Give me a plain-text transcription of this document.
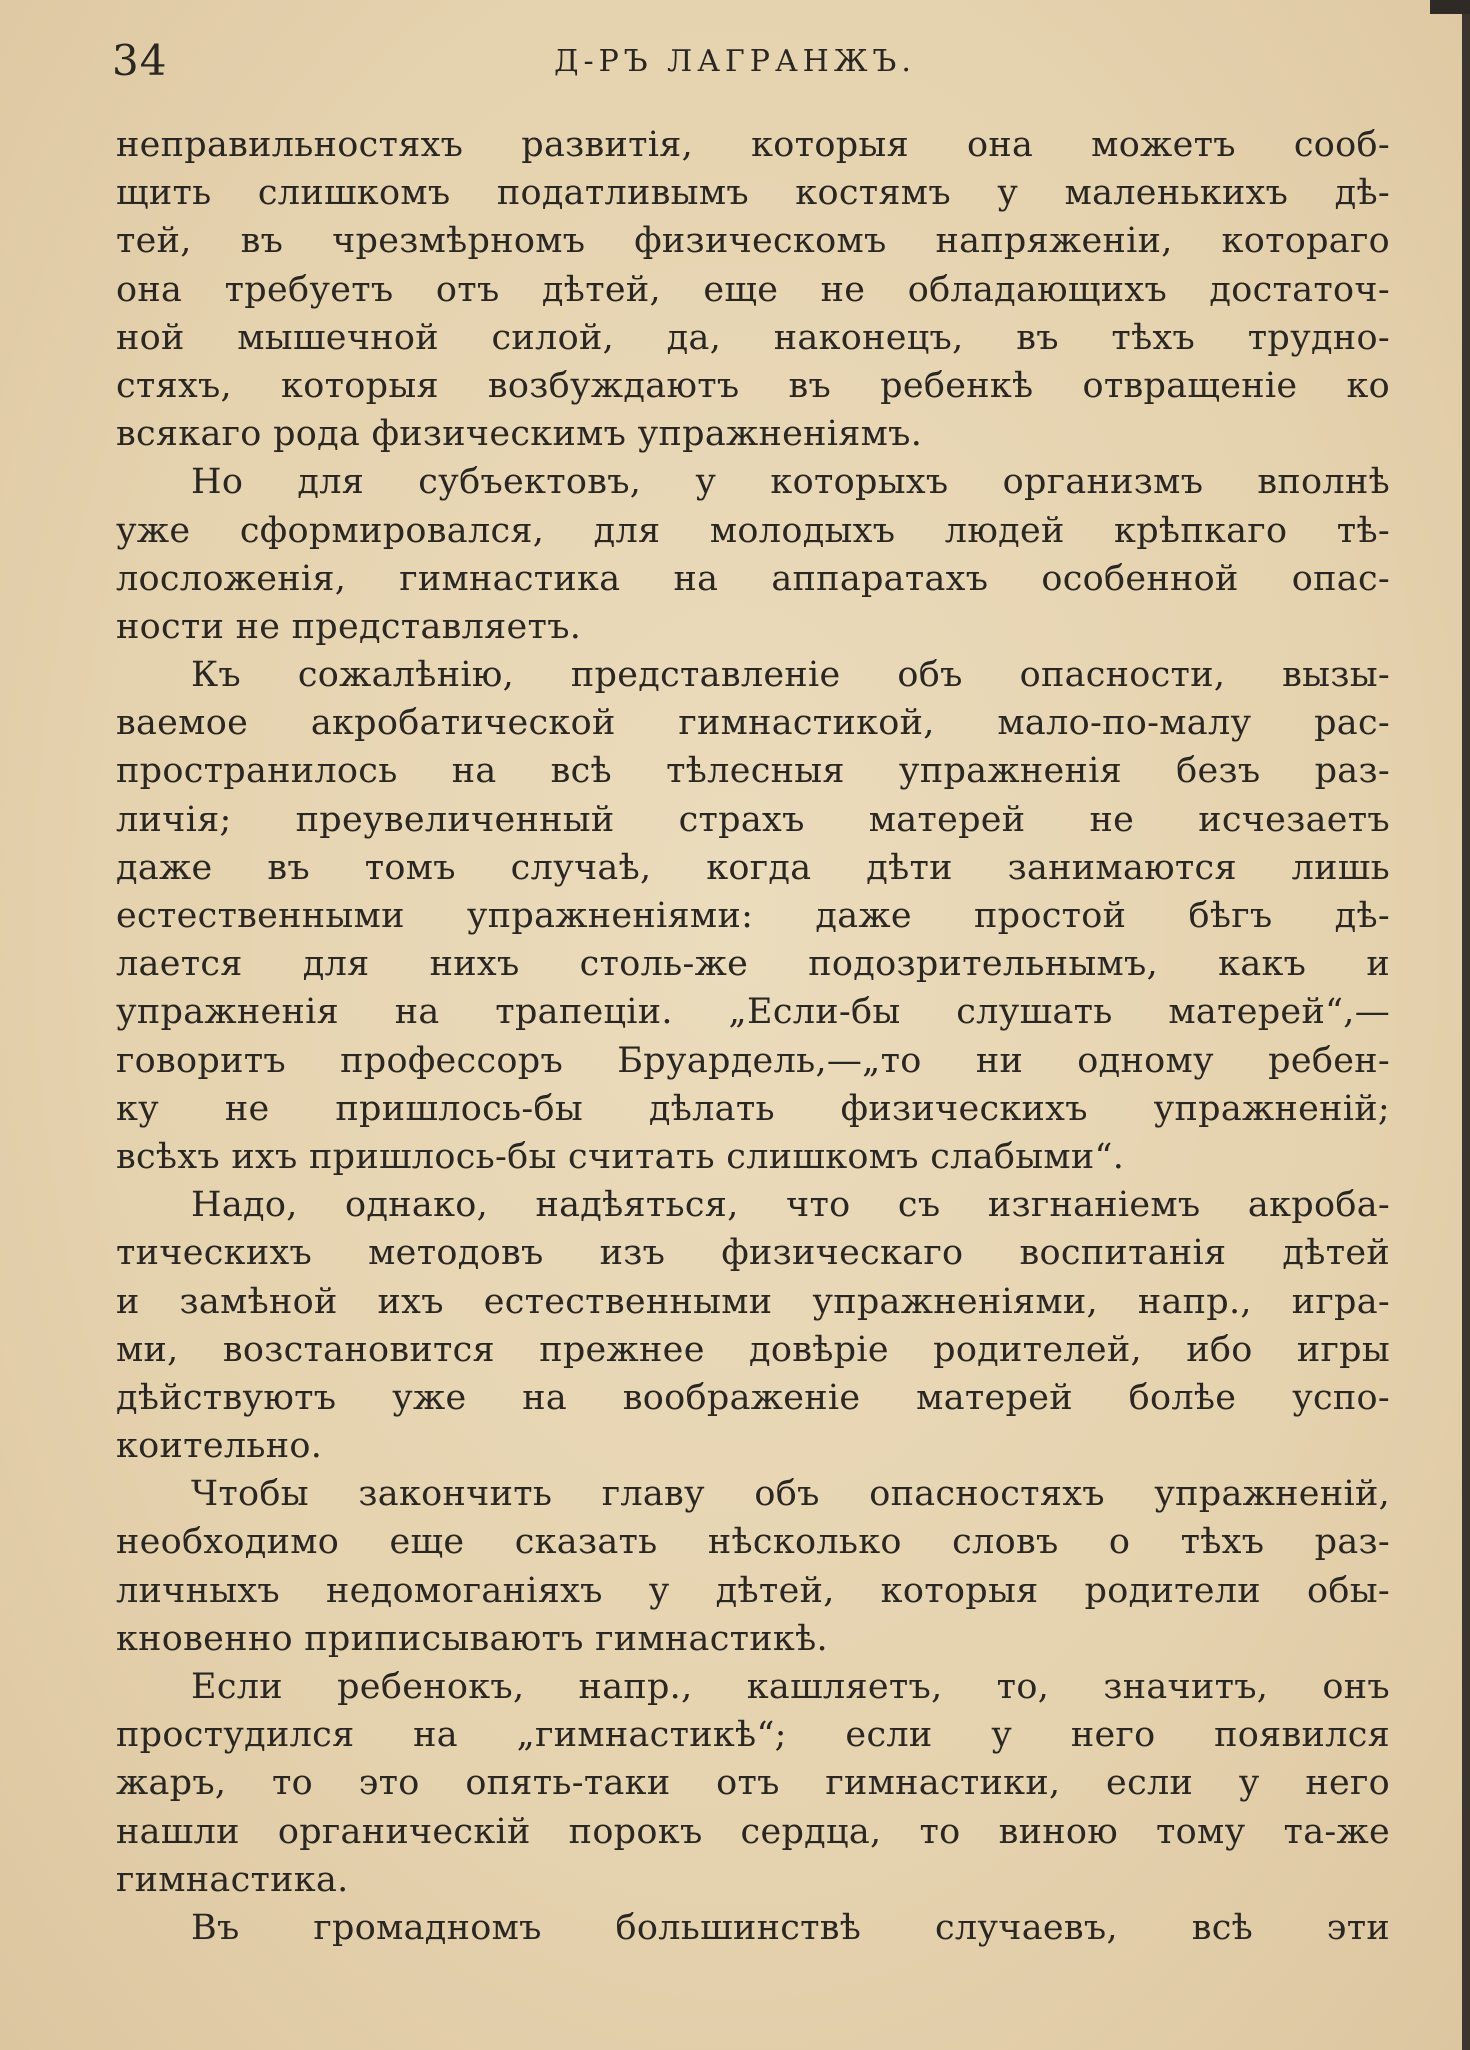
34	Д-РЪ ЛАГРАНЖЪ.
неправильностяхъ развитія, которыя она можетъ сооб-
щить слишкомъ податливымъ костямъ у маленькихъ дѣ-
тей, въ чрезмѣрномъ физическомъ напряженіи, котораго
она требуетъ отъ дѣтей, еще не обладающихъ достаточ-
ной мышечной силой, да, наконецъ, въ тѣхъ трудно-
стяхъ, которыя возбуждаютъ въ ребенкѣ отвращеніе ко
всякаго рода физическимъ упражненіямъ.
Но для субъектовъ, у которыхъ организмъ вполнѣ
уже сформировался, для молодыхъ людей крѣпкаго тѣ-
лосложенія, гимнастика на аппаратахъ особенной опас-
ности не представляетъ.
Къ сожалѣнію, представленіе объ опасности, вызы-
ваемое акробатической гимнастикой, мало-по-малу рас-
пространилось на всѣ тѣлесныя упражненія безъ раз-
личія; преувеличенный страхъ матерей не исчезаетъ
даже въ томъ случаѣ, когда дѣти занимаются лишь
естественными упражненіями: даже простой бѣгъ дѣ-
лается для нихъ столь-же подозрительнымъ, какъ и
упражненія на трапеціи. „Если-бы слушать матерей“,—
говоритъ профессоръ Бруардель,—„то ни одному ребен-
ку не пришлось-бы дѣлать физическихъ упражненій;
всѣхъ ихъ пришлось-бы считать слишкомъ слабыми“.
Надо, однако, надѣяться, что съ изгнаніемъ акроба-
тическихъ методовъ изъ физическаго воспитанія дѣтей
и замѣной ихъ естественными упражненіями, напр., игра-
ми, возстановится прежнее довѣріе родителей, ибо игры
дѣйствуютъ уже на воображеніе матерей болѣе успо-
коительно.
Чтобы закончить главу объ опасностяхъ упражненій,
необходимо еще сказать нѣсколько словъ о тѣхъ раз-
личныхъ недомоганіяхъ у дѣтей, которыя родители обы-
кновенно приписываютъ гимнастикѣ.
Если ребенокъ, напр., кашляетъ, то, значитъ, онъ
простудился на „гимнастикѣ“; если у него появился
жаръ, то это опять-таки отъ гимнастики, если у него
нашли органическій порокъ сердца, то виною тому та-же
гимнастика.
Въ громадномъ большинствѣ случаевъ, всѣ эти
